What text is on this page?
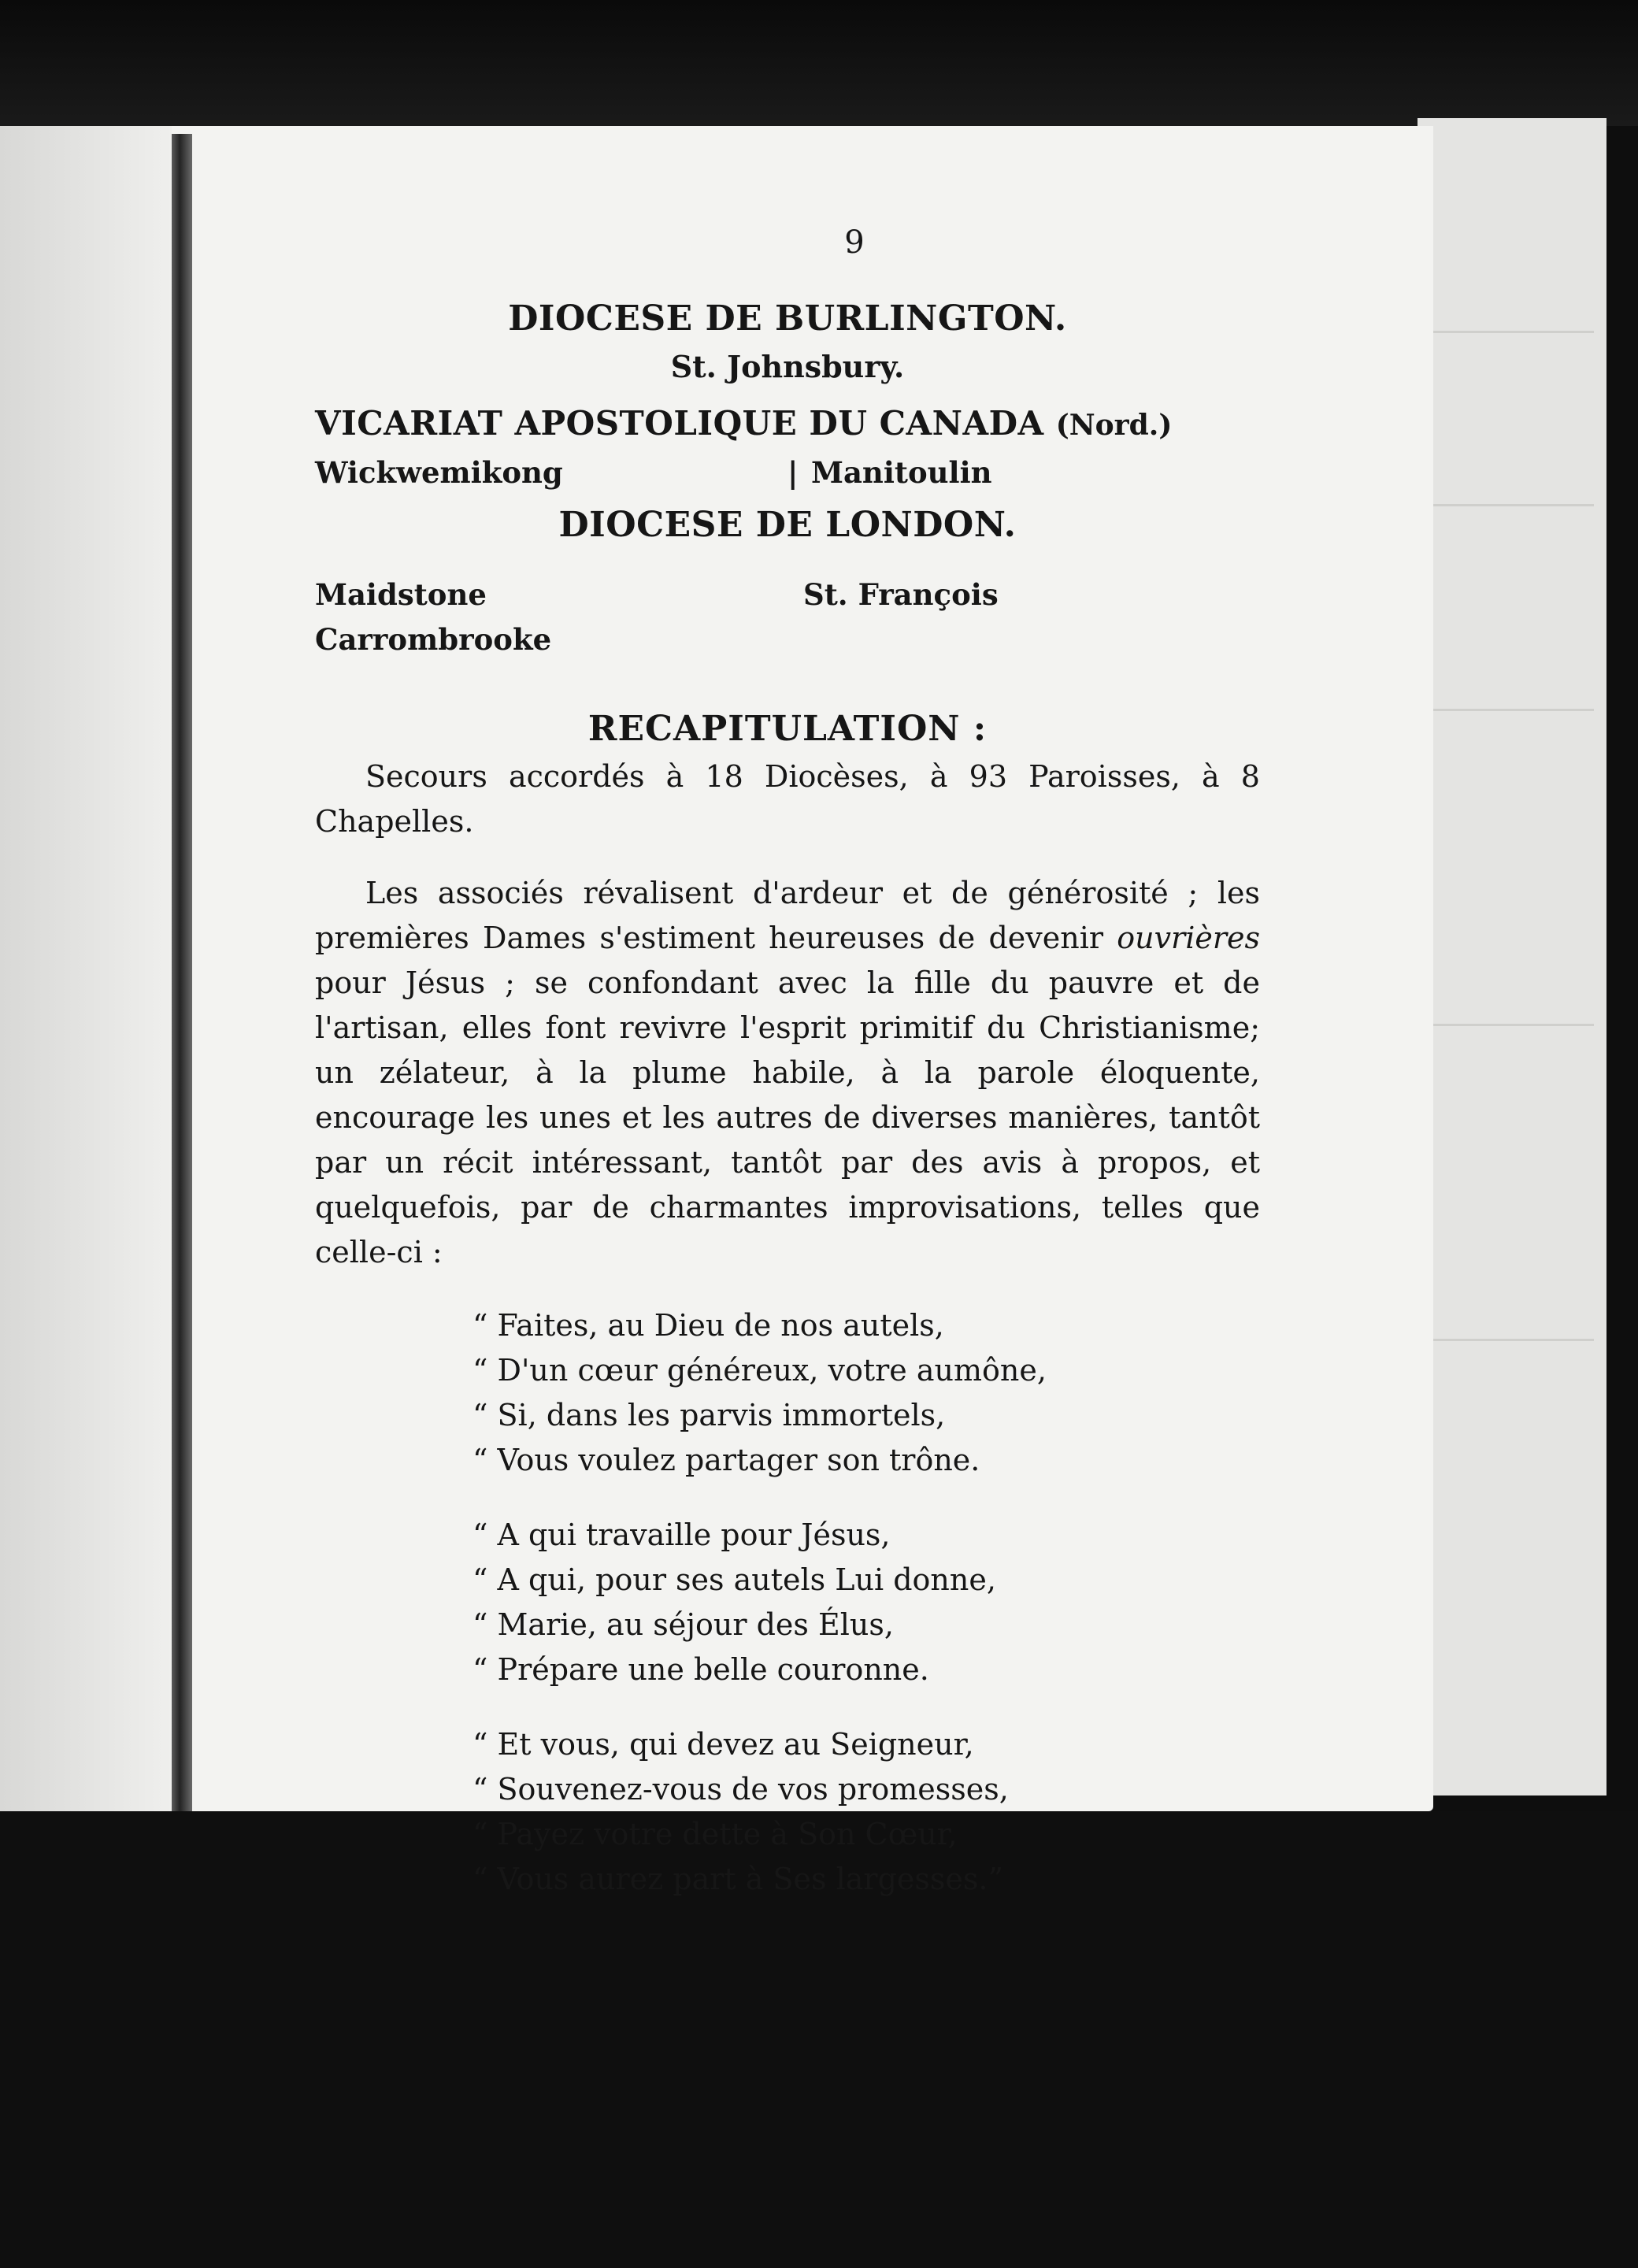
9
DIOCESE DE BURLINGTON.
St. Johnsbury.
VICARIAT APOSTOLIQUE DU CANADA (Nord.)
Wickwemikong	| Manitoulin
DIOCESE DE LONDON.
Maidstone
Carrombrooke
St. François
RECAPITULATION :

Secours accordés à 18 Diocèses, à 93 Paroisses, à 8 Chapelles.

Les associés révalisent d'ardeur et de générosité ; les premières Dames s'estiment heureuses de devenir ouvrières pour Jésus ; se confondant avec la fille du pauvre et de l'artisan, elles font revivre l'esprit primitif du Christianisme; un zélateur, à la plume habile, à la parole éloquente, encourage les unes et les autres de diverses manières, tantôt par un récit intéressant, tantôt par des avis à propos, et quelquefois, par de charmantes improvisations, telles que celle-ci :

“ Faites, au Dieu de nos autels,
“ D'un cœur généreux, votre aumône,
“ Si, dans les parvis immortels,
“ Vous voulez partager son trône.
“ A qui travaille pour Jésus,
“ A qui, pour ses autels Lui donne,
“ Marie, au séjour des Élus,
“ Prépare une belle couronne.
“ Et vous, qui devez au Seigneur,
“ Souvenez-vous de vos promesses,
“ Payez votre dette à Son Cœur,
“ Vous aurez part à Ses largesses.”
